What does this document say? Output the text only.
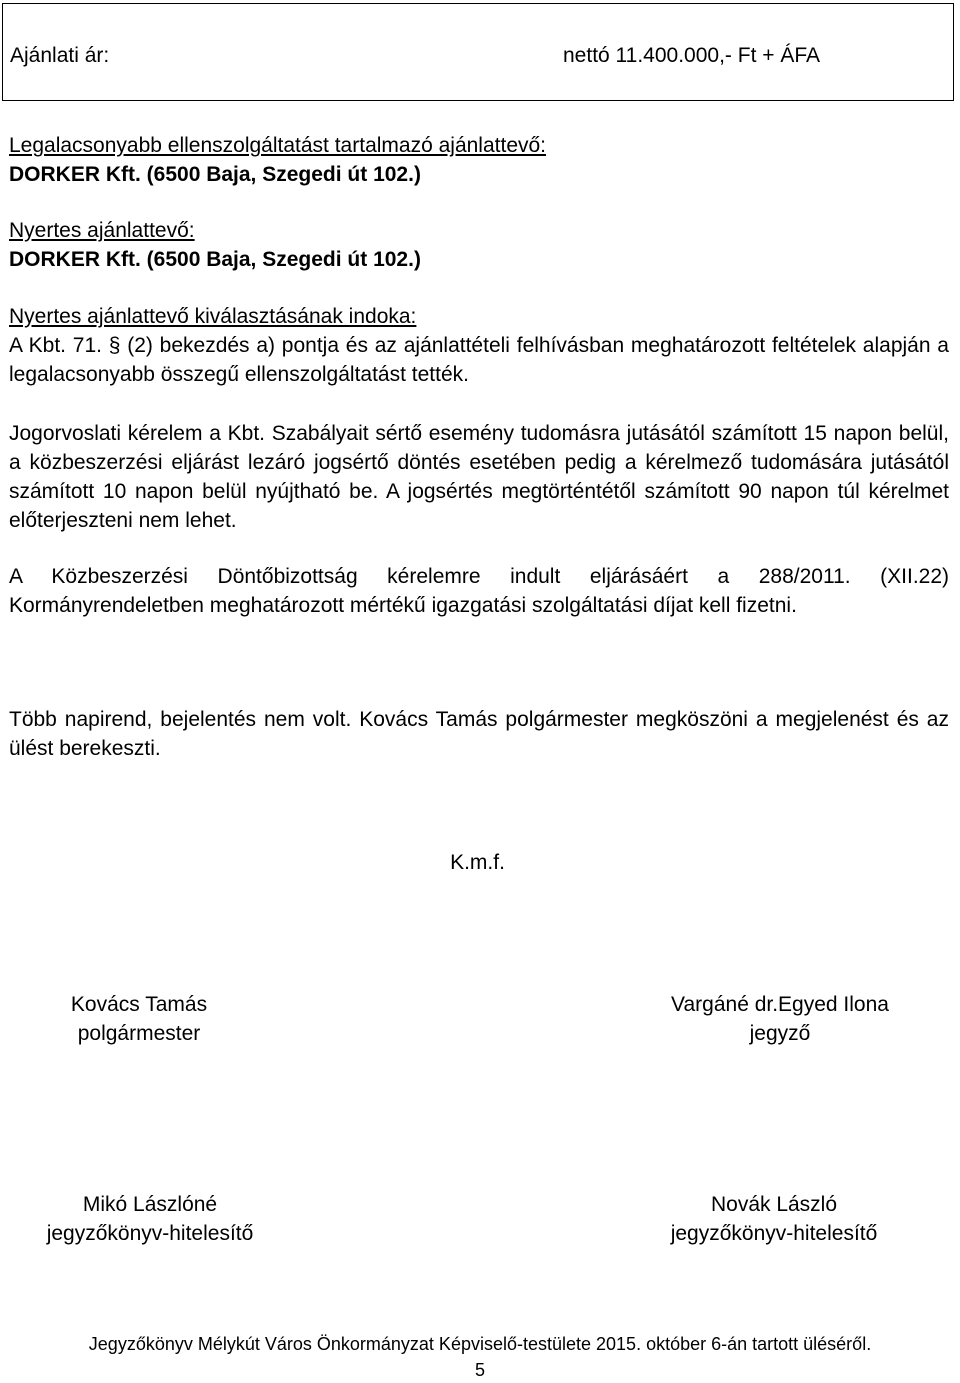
Ajánlati ár:	nettó 11.400.000,- Ft + ÁFA
Legalacsonyabb ellenszolgáltatást tartalmazó ajánlattevő:
DORKER Kft. (6500 Baja, Szegedi út 102.)
Nyertes ajánlattevő:
DORKER Kft. (6500 Baja, Szegedi út 102.)
Nyertes ajánlattevő kiválasztásának indoka:
A Kbt. 71. § (2) bekezdés a) pontja és az ajánlattételi felhívásban meghatározott feltételek alapján a legalacsonyabb összegű ellenszolgáltatást tették.
Jogorvoslati kérelem a Kbt. Szabályait sértő esemény tudomásra jutásától számított 15 napon belül, a közbeszerzési eljárást lezáró jogsértő döntés esetében pedig a kérelmező tudomására jutásától számított 10 napon belül nyújtható be. A jogsértés megtörténtétől számított 90 napon túl kérelmet előterjeszteni nem lehet.
A Közbeszerzési Döntőbizottság kérelemre indult eljárásáért a 288/2011. (XII.22) Kormányrendeletben meghatározott mértékű igazgatási szolgáltatási díjat kell fizetni.
Több napirend, bejelentés nem volt. Kovács Tamás polgármester megköszöni a megjelenést és az ülést berekeszti.
K.m.f.
Kovács Tamás
polgármester
Vargáné dr.Egyed Ilona
jegyző
Mikó Lászlóné
jegyzőkönyv-hitelesítő
Novák László
jegyzőkönyv-hitelesítő
Jegyzőkönyv Mélykút Város Önkormányzat Képviselő-testülete 2015. október 6-án tartott üléséről.
5
